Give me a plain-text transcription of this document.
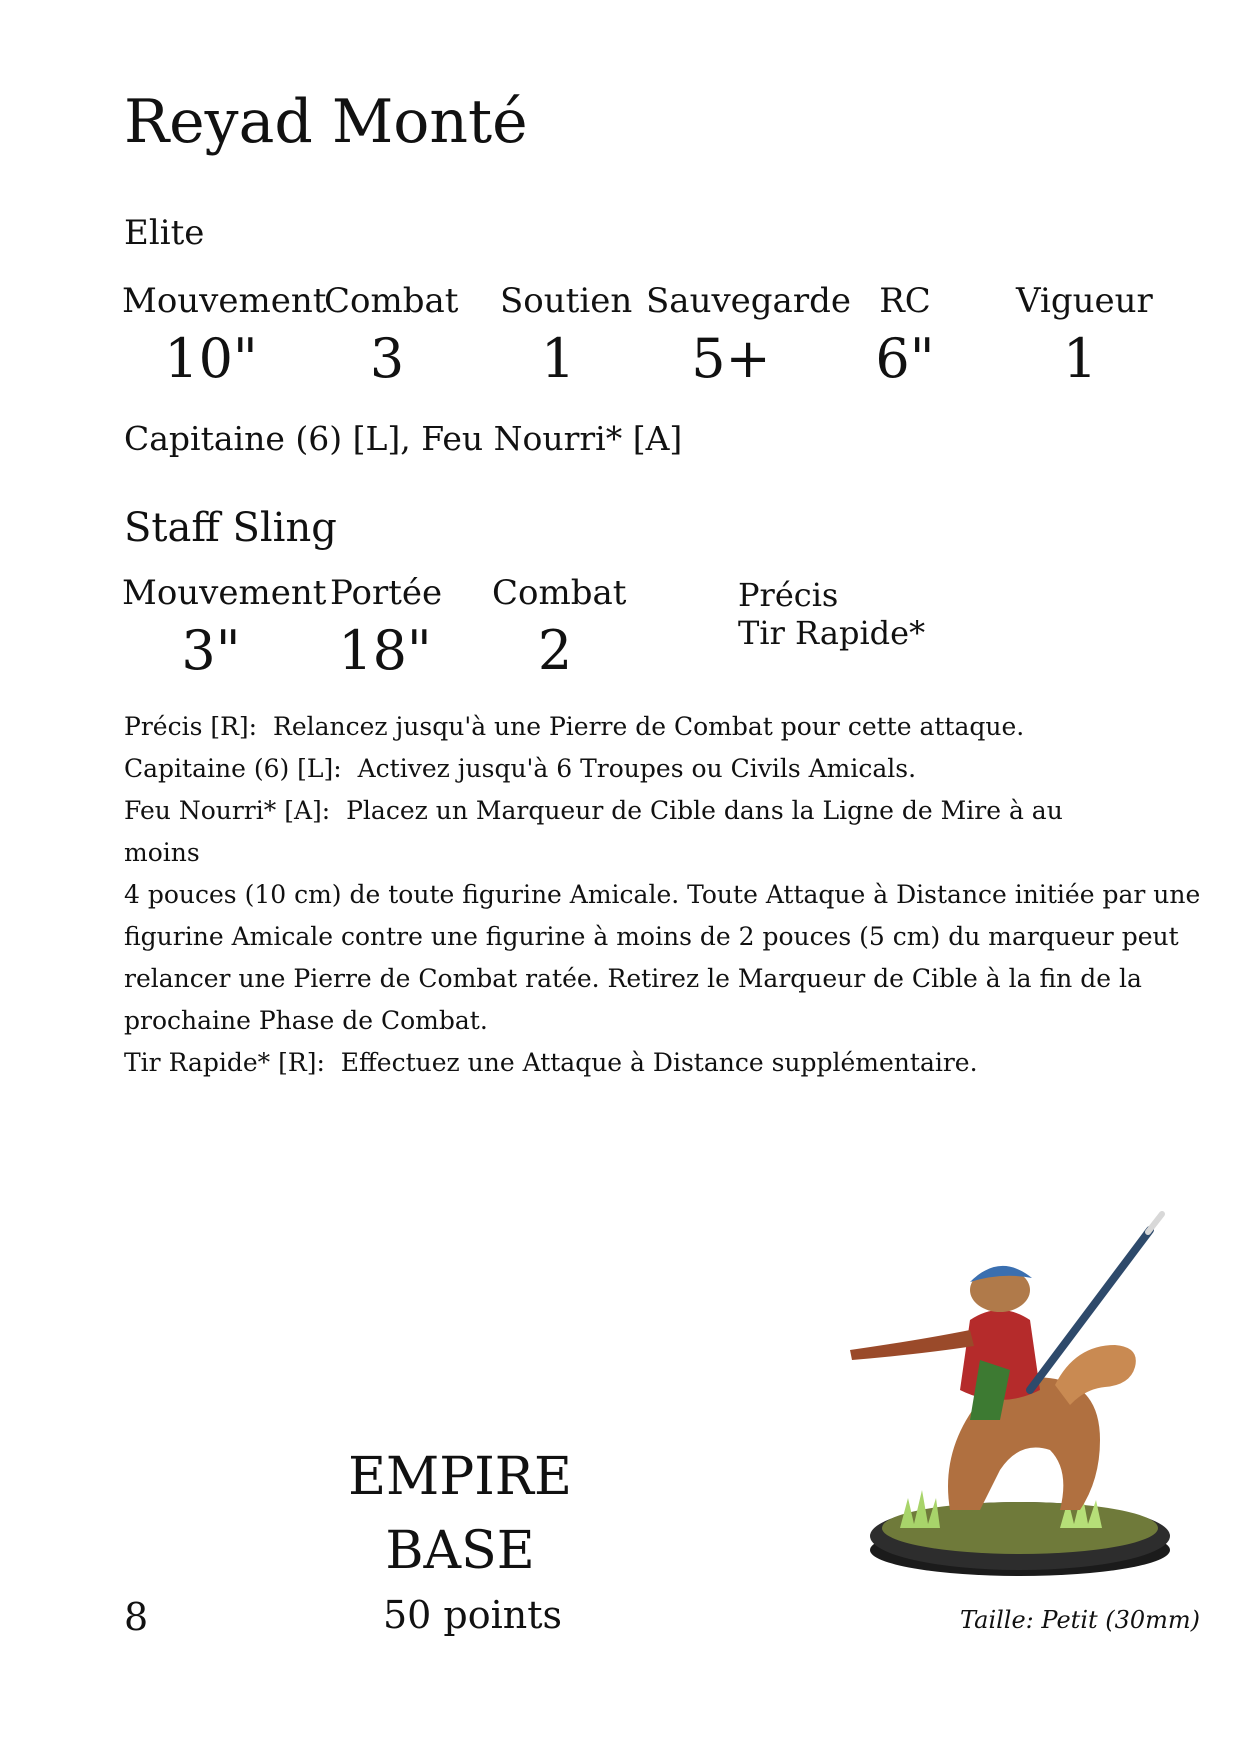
Reyad Monté
Elite
Mouvement
10"
Combat
3
Soutien
1
Sauvegarde
5+
RC
6"
Vigueur
1
Capitaine (6) [L], Feu Nourri* [A]
Staff Sling
Mouvement
3"
Portée
18"
Combat
2
Précis
Tir Rapide*

Précis [R]: Relancez jusqu'à une Pierre de Combat pour cette attaque.

Capitaine (6) [L]: Activez jusqu'à 6 Troupes ou Civils Amicals.

Feu Nourri* [A]: Placez un Marqueur de Cible dans la Ligne de Mire à au moins
4 pouces (10 cm) de toute figurine Amicale. Toute Attaque à Distance initiée par une
figurine Amicale contre une figurine à moins de 2 pouces (5 cm) du marqueur peut
relancer une Pierre de Combat ratée. Retirez le Marqueur de Cible à la fin de la
prochaine Phase de Combat.

Tir Rapide* [R]: Effectuez une Attaque à Distance supplémentaire.

EMPIRE
BASE
8	50 points	Taille: Petit (30mm)
